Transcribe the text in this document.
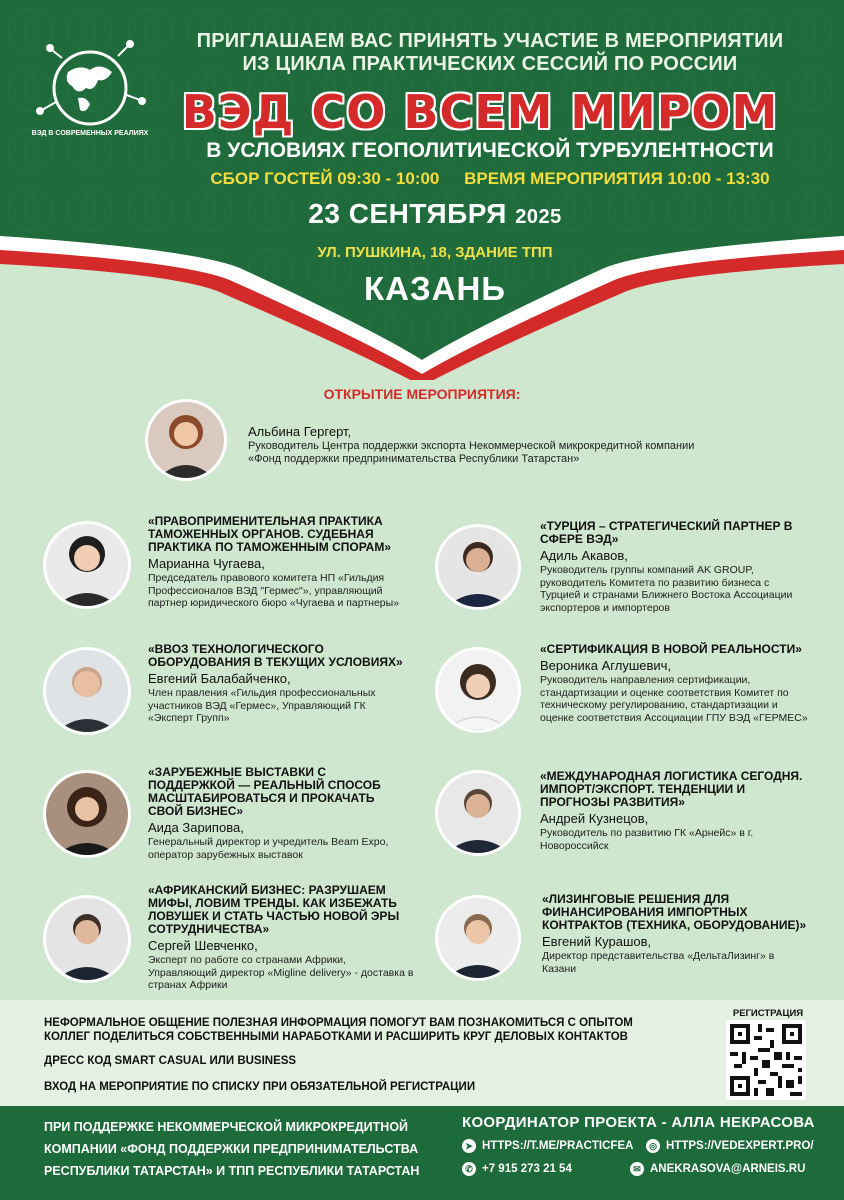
ВЭД В СОВРЕМЕННЫХ РЕАЛИЯХ
ПРИГЛАШАЕМ ВАС ПРИНЯТЬ УЧАСТИЕ В МЕРОПРИЯТИИ
ИЗ ЦИКЛА ПРАКТИЧЕСКИХ СЕССИЙ ПО РОССИИ
ВЭД СО ВСЕМ МИРОМ
В УСЛОВИЯХ ГЕОПОЛИТИЧЕСКОЙ ТУРБУЛЕНТНОСТИ
СБОР ГОСТЕЙ 09:30 - 10:00 ВРЕМЯ МЕРОПРИЯТИЯ 10:00 - 13:30
23 СЕНТЯБРЯ 2025
УЛ. ПУШКИНА, 18, ЗДАНИЕ ТПП
КАЗАНЬ
ОТКРЫТИЕ МЕРОПРИЯТИЯ:
Альбина Гергерт,
Руководитель Центра поддержки экспорта Некоммерческой микрокредитной компании «Фонд поддержки предпринимательства Республики Татарстан»
«ПРАВОПРИМЕНИТЕЛЬНАЯ ПРАКТИКА ТАМОЖЕННЫХ ОРГАНОВ. СУДЕБНАЯ ПРАКТИКА ПО ТАМОЖЕННЫМ СПОРАМ»
Марианна Чугаева,
Председатель правового комитета НП «Гильдия Профессионалов ВЭД "Гермес"», управляющий партнер юридического бюро «Чугаева и партнеры»
«ТУРЦИЯ – СТРАТЕГИЧЕСКИЙ ПАРТНЕР В СФЕРЕ ВЭД»
Адиль Акавов,
Руководитель группы компаний AK GROUP, руководитель Комитета по развитию бизнеса с Турцией и странами Ближнего Востока Ассоциации экспортеров и импортеров
«ВВОЗ ТЕХНОЛОГИЧЕСКОГО ОБОРУДОВАНИЯ В ТЕКУЩИХ УСЛОВИЯХ»
Евгений Балабайченко,
Член правления «Гильдия профессиональных участников ВЭД «Гермес», Управляющий ГК «Эксперт Групп»
«СЕРТИФИКАЦИЯ В НОВОЙ РЕАЛЬНОСТИ»
Вероника Аглушевич,
Руководитель направления сертификации, стандартизации и оценке соответствия Комитет по техническому регулированию, стандартизации и оценке соответствия Ассоциации ГПУ ВЭД «ГЕРМЕС»
«ЗАРУБЕЖНЫЕ ВЫСТАВКИ С ПОДДЕРЖКОЙ — РЕАЛЬНЫЙ СПОСОБ МАСШТАБИРОВАТЬСЯ И ПРОКАЧАТЬ СВОЙ БИЗНЕС»
Аида Зарипова,
Генеральный директор и учредитель Beam Expo, оператор зарубежных выставок
«МЕЖДУНАРОДНАЯ ЛОГИСТИКА СЕГОДНЯ. ИМПОРТ/ЭКСПОРТ. ТЕНДЕНЦИИ И ПРОГНОЗЫ РАЗВИТИЯ»
Андрей Кузнецов,
Руководитель по развитию ГК «Арнейс» в г. Новороссийск
«АФРИКАНСКИЙ БИЗНЕС: РАЗРУШАЕМ МИФЫ, ЛОВИМ ТРЕНДЫ. КАК ИЗБЕЖАТЬ ЛОВУШЕК И СТАТЬ ЧАСТЬЮ НОВОЙ ЭРЫ СОТРУДНИЧЕСТВА»
Сергей Шевченко,
Эксперт по работе со странами Африки, Управляющий директор «Migline delivery» - доставка в странах Африки
«ЛИЗИНГОВЫЕ РЕШЕНИЯ ДЛЯ ФИНАНСИРОВАНИЯ ИМПОРТНЫХ КОНТРАКТОВ (ТЕХНИКА, ОБОРУДОВАНИЕ)»
Евгений Курашов,
Директор представительства «ДельтаЛизинг» в Казани
НЕФОРМАЛЬНОЕ ОБЩЕНИЕ ПОЛЕЗНАЯ ИНФОРМАЦИЯ ПОМОГУТ ВАМ ПОЗНАКОМИТЬСЯ С ОПЫТОМ
КОЛЛЕГ ПОДЕЛИТЬСЯ СОБСТВЕННЫМИ НАРАБОТКАМИ И РАСШИРИТЬ КРУГ ДЕЛОВЫХ КОНТАКТОВ
ДРЕСС КОД SMART CASUAL ИЛИ BUSINESS
ВХОД НА МЕРОПРИЯТИЕ ПО СПИСКУ ПРИ ОБЯЗАТЕЛЬНОЙ РЕГИСТРАЦИИ
РЕГИСТРАЦИЯ
ПРИ ПОДДЕРЖКЕ НЕКОММЕРЧЕСКОЙ МИКРОКРЕДИТНОЙ
КОМПАНИИ «ФОНД ПОДДЕРЖКИ ПРЕДПРИНИМАТЕЛЬСТВА
РЕСПУБЛИКИ ТАТАРСТАН» И ТПП РЕСПУБЛИКИ ТАТАРСТАН
КООРДИНАТОР ПРОЕКТА - АЛЛА НЕКРАСОВА
➤ HTTPS://T.ME/PRACTICFEA	◎ HTTPS://VEDEXPERT.PRO/
✆ +7 915 273 21 54	✉ ANEKRASOVA@ARNEIS.RU
